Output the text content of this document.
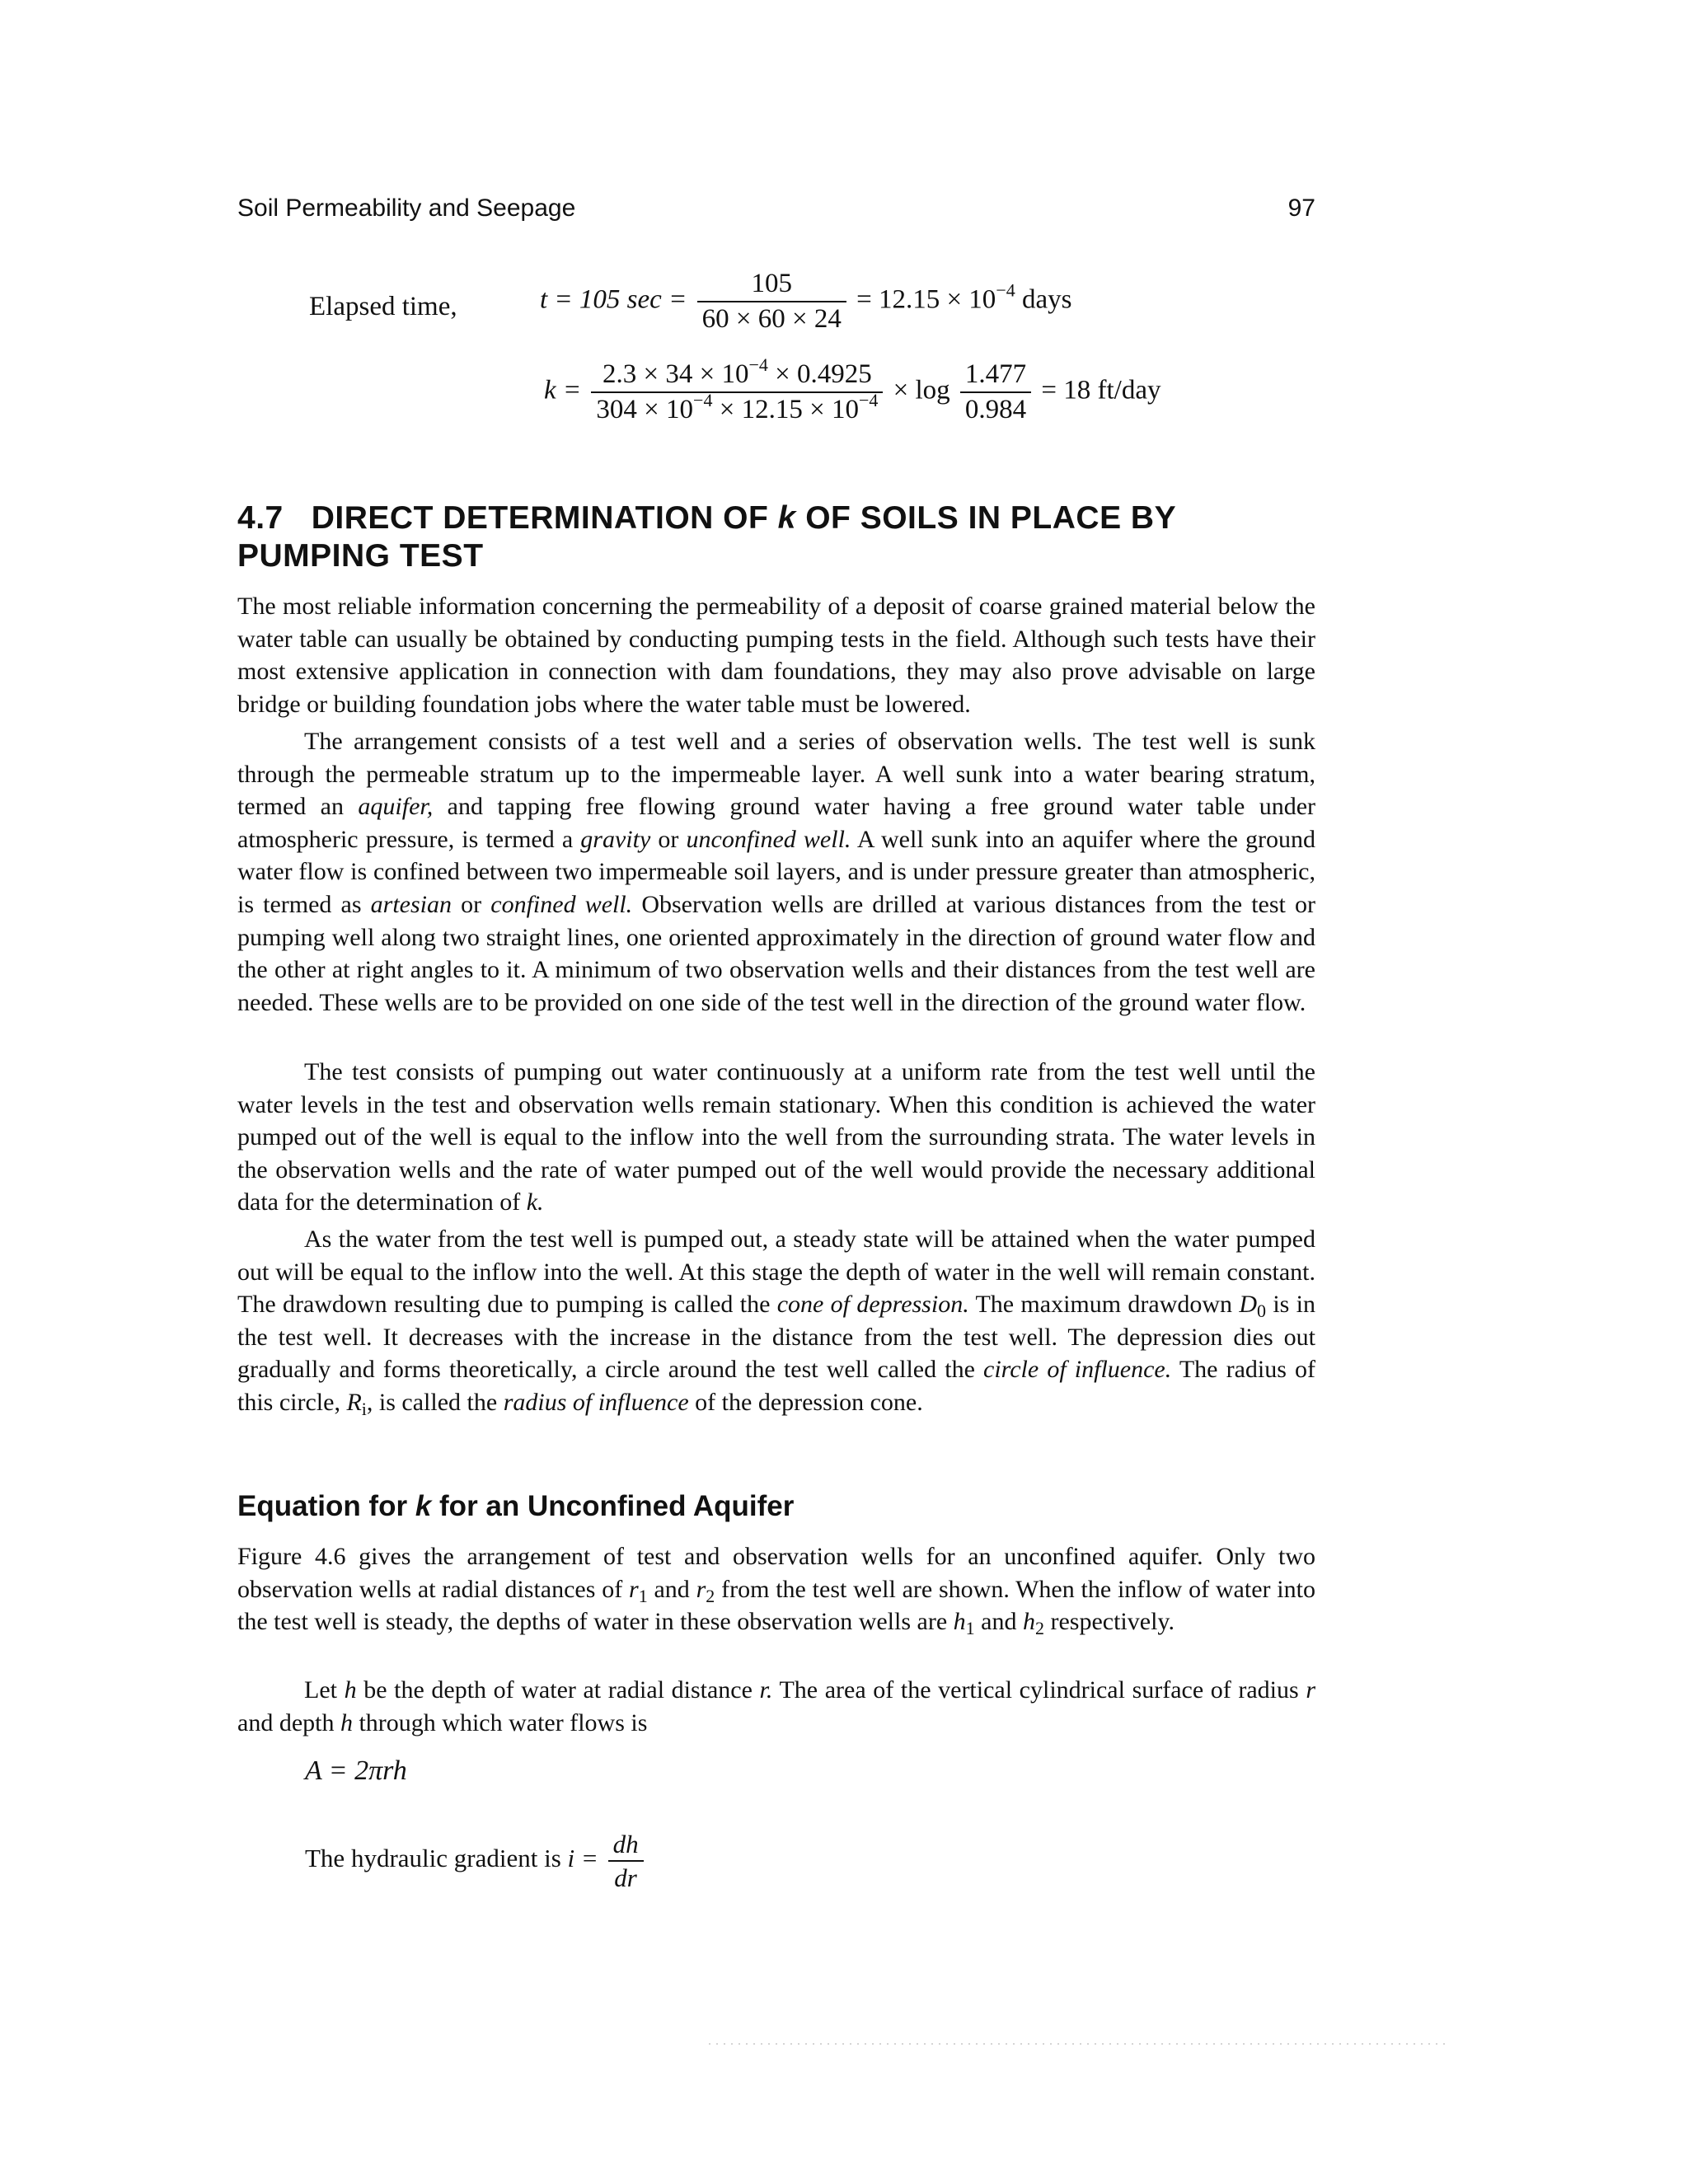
Soil Permeability and Seepage	97
Elapsed time,	t = 105 $\sec = \frac{105}{60 \times 60 \times 24} = 12.15 \times 10^{-4}$ days
$k = \frac{2.3 \times 34 \times 10^{-4} \times 0.4925}{304 \times 10^{-4} \times 12.15 \times 10^{-4}} \times \log \frac{1.477}{0.984} = 18$ ft/day
4.7 DIRECT DETERMINATION OF k OF SOILS IN PLACE BY
PUMPING TEST

The most reliable information concerning the permeability of a deposit of coarse grained material below the water table can usually be obtained by conducting pumping tests in the field. Although such tests have their most extensive application in connection with dam foundations, they may also prove advisable on large bridge or building foundation jobs where the water table must be lowered.

The arrangement consists of a test well and a series of observation wells. The test well is sunk through the permeable stratum up to the impermeable layer. A well sunk into a water bearing stratum, termed an aquifer, and tapping free flowing ground water having a free ground water table under atmospheric pressure, is termed a gravity or unconfined well. A well sunk into an aquifer where the ground water flow is confined between two impermeable soil layers, and is under pressure greater than atmospheric, is termed as artesian or confined well. Observation wells are drilled at various distances from the test or pumping well along two straight lines, one oriented approximately in the direction of ground water flow and the other at right angles to it. A minimum of two observation wells and their distances from the test well are needed. These wells are to be provided on one side of the test well in the direction of the ground water flow.

The test consists of pumping out water continuously at a uniform rate from the test well until the water levels in the test and observation wells remain stationary. When this condition is achieved the water pumped out of the well is equal to the inflow into the well from the surrounding strata. The water levels in the observation wells and the rate of water pumped out of the well would provide the necessary additional data for the determination of k.

As the water from the test well is pumped out, a steady state will be attained when the water pumped out will be equal to the inflow into the well. At this stage the depth of water in the well will remain constant. The drawdown resulting due to pumping is called the cone of depression. The maximum drawdown $D_0$ is in the test well. It decreases with the increase in the distance from the test well. The depression dies out gradually and forms theoretically, a circle around the test well called the circle of influence. The radius of this circle, $R_i$, is called the radius of influence of the depression cone.

Equation for k for an Unconfined Aquifer

Figure 4.6 gives the arrangement of test and observation wells for an unconfined aquifer. Only two observation wells at radial distances of $r_1$ and $r_2$ from the test well are shown. When the inflow of water into the test well is steady, the depths of water in these observation wells are $h_1$ and $h_2$ respectively.

Let h be the depth of water at radial distance r. The area of the vertical cylindrical surface of radius r and depth h through which water flows is

A = 2πrh
The hydraulic gradient is $i = \frac{dh}{dr}$
